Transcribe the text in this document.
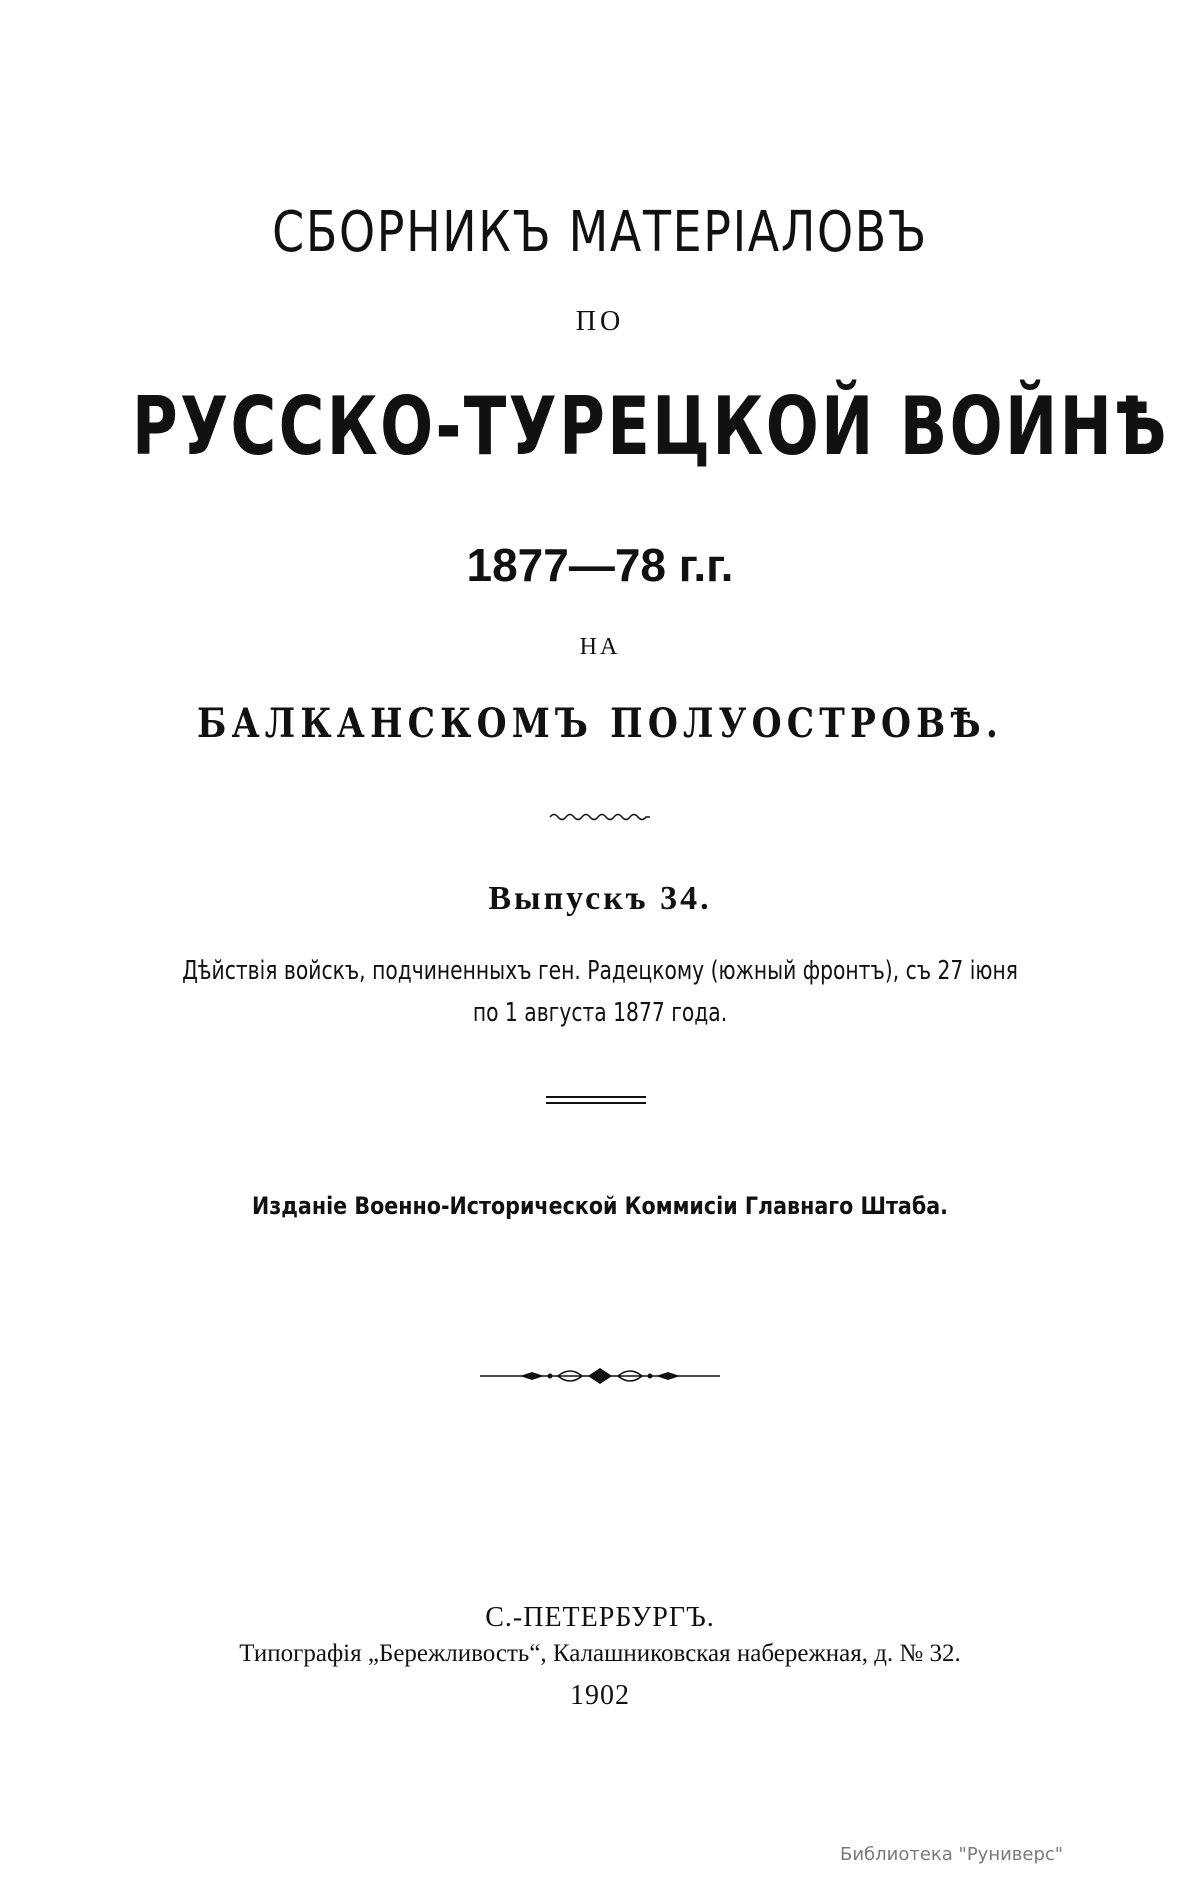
СБОРНИКЪ МАТЕРІАЛОВЪ
ПО
РУССКО-ТУРЕЦКОЙ ВОЙНѢ
1877—78 г.г.
НА
БАЛКАНСКОМЪ ПОЛУОСТРОВѢ.
Выпускъ 34.
Дѣйствія войскъ, подчиненныхъ ген. Радецкому (южный фронтъ), съ 27 іюня
по 1 августа 1877 года.
Изданіе Военно-Исторической Коммисіи Главнаго Штаба.
С.-ПЕТЕРБУРГЪ.
Типографія „Бережливость“, Калашниковская набережная, д. № 32.
1902
Библиотека "Руниверс"
